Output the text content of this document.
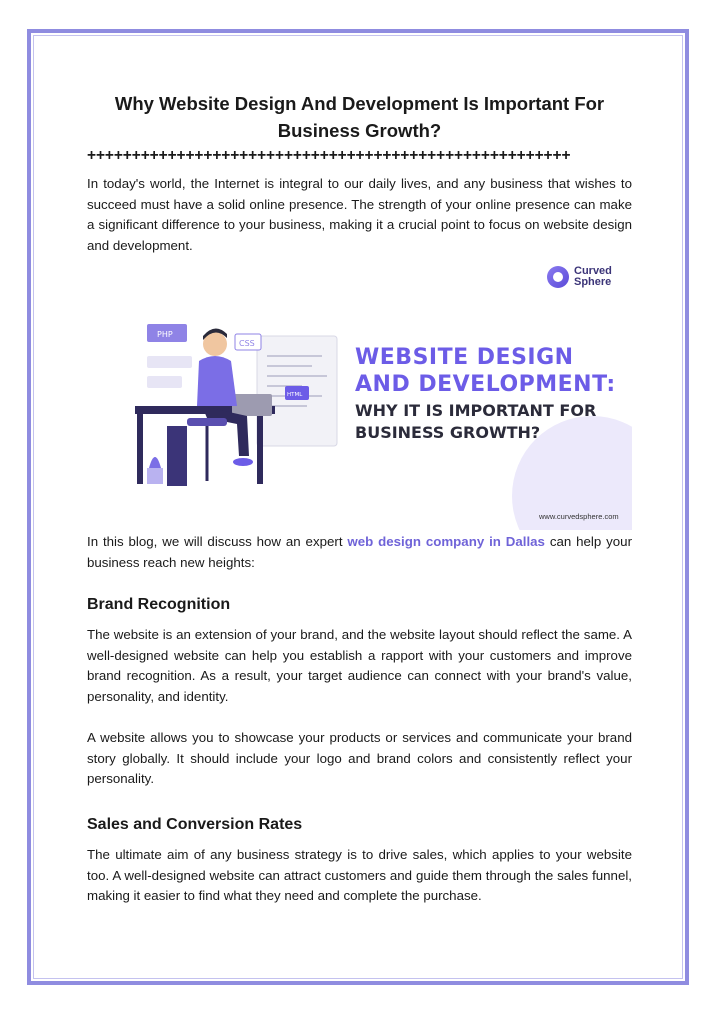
Why Website Design And Development Is Important For Business Growth?
++++++++++++++++++++++++++++++++++++++++++++++++++++++

In today's world, the Internet is integral to our daily lives, and any business that wishes to succeed must have a solid online presence. The strength of your online presence can make a significant difference to your business, making it a crucial point to focus on website design and development.

Curved
Sphere
PHP
CSS
HTML
WEBSITE DESIGN
AND DEVELOPMENT:
WHY IT IS IMPORTANT FOR
BUSINESS GROWTH?
www.curvedsphere.com

In this blog, we will discuss how an expert web design company in Dallas can help your business reach new heights:

Brand Recognition

The website is an extension of your brand, and the website layout should reflect the same. A well-designed website can help you establish a rapport with your customers and improve brand recognition. As a result, your target audience can connect with your brand's value, personality, and identity.

A website allows you to showcase your products or services and communicate your brand story globally. It should include your logo and brand colors and consistently reflect your personality.

Sales and Conversion Rates

The ultimate aim of any business strategy is to drive sales, which applies to your website too. A well-designed website can attract customers and guide them through the sales funnel, making it easier to find what they need and complete the purchase.
